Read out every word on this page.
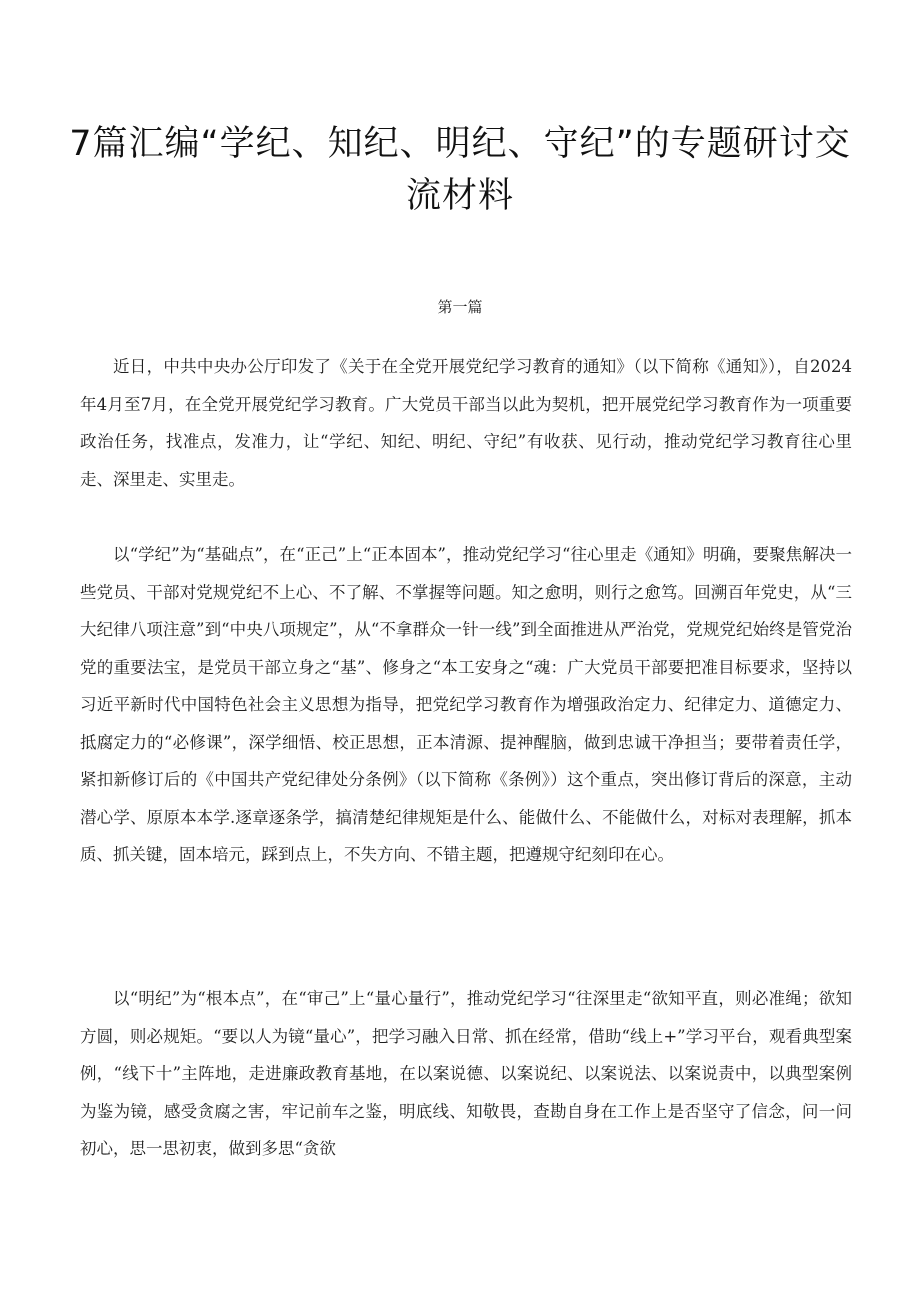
7篇汇编“学纪、知纪、明纪、守纪”的专题研讨交流材料
第一篇

近日，中共中央办公厅印发了《关于在全党开展党纪学习教育的通知》（以下简称《通知》），自2024年4月至7月，在全党开展党纪学习教育。广大党员干部当以此为契机，把开展党纪学习教育作为一项重要政治任务，找准点，发准力，让“学纪、知纪、明纪、守纪”有收获、见行动，推动党纪学习教育往心里走、深里走、实里走。

以“学纪”为“基础点”，在“正己”上“正本固本”，推动党纪学习“往心里走《通知》明确，要聚焦解决一些党员、干部对党规党纪不上心、不了解、不掌握等问题。知之愈明，则行之愈笃。回溯百年党史，从“三大纪律八项注意”到“中央八项规定”，从“不拿群众一针一线”到全面推进从严治党，党规党纪始终是管党治党的重要法宝，是党员干部立身之“基”、修身之“本工安身之“魂：广大党员干部要把准目标要求，坚持以习近平新时代中国特色社会主义思想为指导，把党纪学习教育作为增强政治定力、纪律定力、道德定力、抵腐定力的“必修课”，深学细悟、校正思想，正本清源、提神醒脑，做到忠诚干净担当；要带着责任学，紧扣新修订后的《中国共产党纪律处分条例》（以下简称《条例》）这个重点，突出修订背后的深意，主动潜心学、原原本本学.逐章逐条学，搞清楚纪律规矩是什么、能做什么、不能做什么，对标对表理解，抓本质、抓关键，固本培元，踩到点上，不失方向、不错主题，把遵规守纪刻印在心。

以“明纪”为“根本点”，在“审己”上“量心量行”，推动党纪学习“往深里走“欲知平直，则必准绳；欲知方圆，则必规矩。“要以人为镜“量心”，把学习融入日常、抓在经常，借助“线上+”学习平台，观看典型案例，“线下十”主阵地，走进廉政教育基地，在以案说德、以案说纪、以案说法、以案说责中，以典型案例为鉴为镜，感受贪腐之害，牢记前车之鉴，明底线、知敬畏，查勘自身在工作上是否坚守了信念，问一问初心，思一思初衷，做到多思“贪欲
